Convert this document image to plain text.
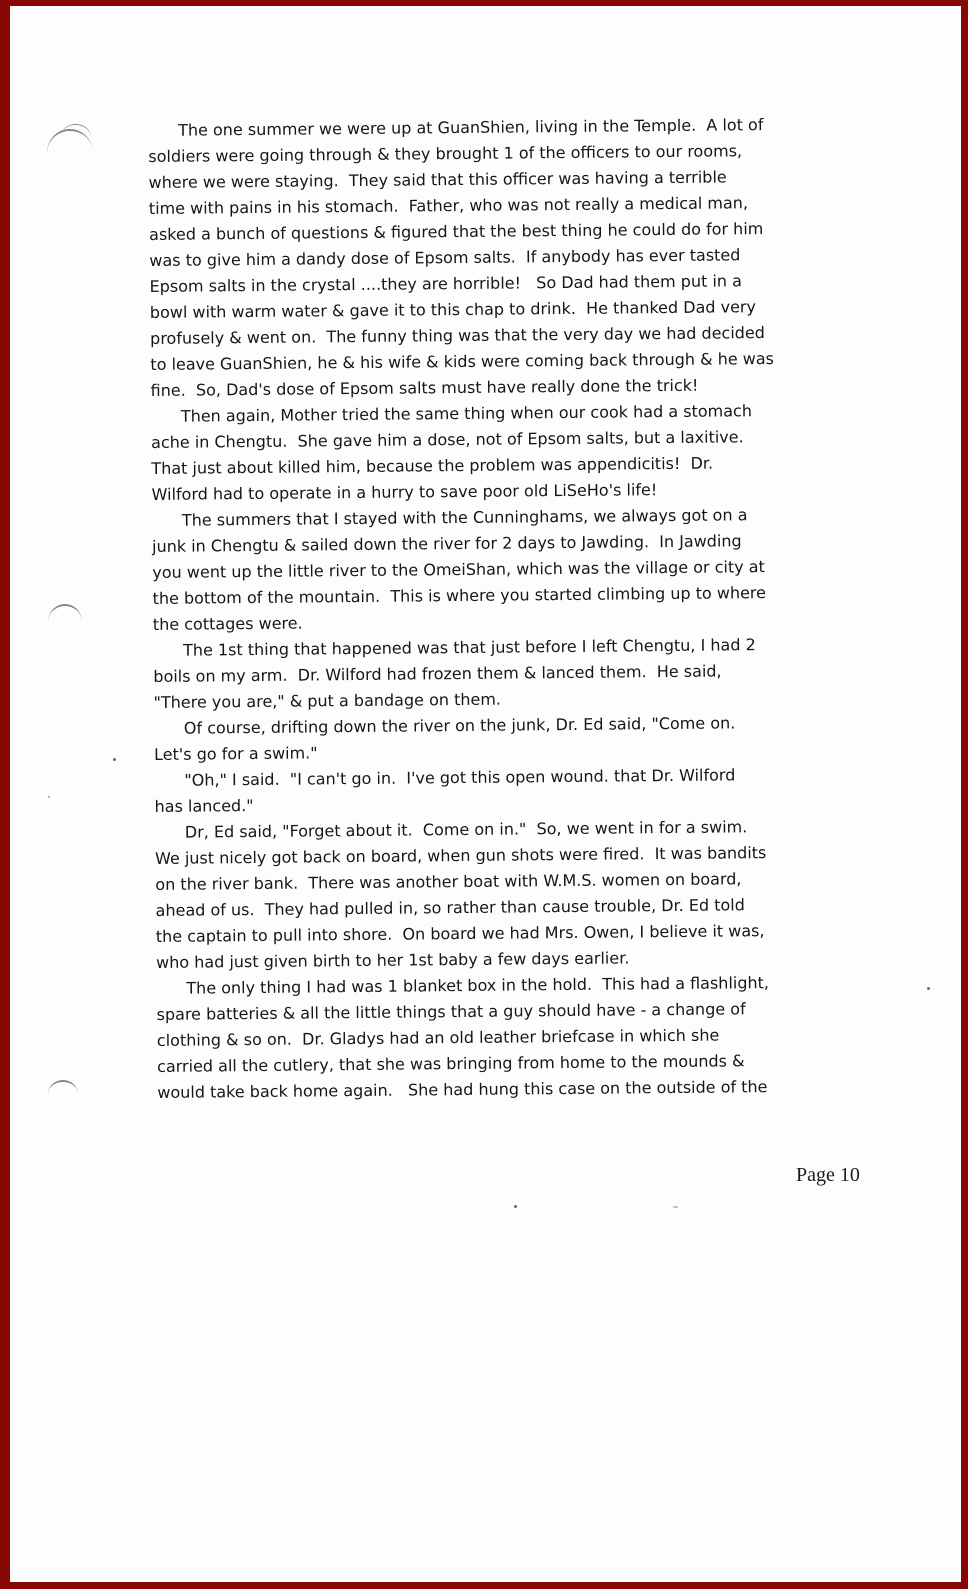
The one summer we were up at GuanShien, living in the Temple.  A lot of
soldiers were going through & they brought 1 of the officers to our rooms,
where we were staying.  They said that this officer was having a terrible
time with pains in his stomach.  Father, who was not really a medical man,
asked a bunch of questions & figured that the best thing he could do for him
was to give him a dandy dose of Epsom salts.  If anybody has ever tasted
Epsom salts in the crystal ....they are horrible!   So Dad had them put in a
bowl with warm water & gave it to this chap to drink.  He thanked Dad very
profusely & went on.  The funny thing was that the very day we had decided
to leave GuanShien, he & his wife & kids were coming back through & he was
fine.  So, Dad's dose of Epsom salts must have really done the trick!

Then again, Mother tried the same thing when our cook had a stomach
ache in Chengtu.  She gave him a dose, not of Epsom salts, but a laxitive.
That just about killed him, because the problem was appendicitis!  Dr.
Wilford had to operate in a hurry to save poor old LiSeHo's life!

The summers that I stayed with the Cunninghams, we always got on a
junk in Chengtu & sailed down the river for 2 days to Jawding.  In Jawding
you went up the little river to the OmeiShan, which was the village or city at
the bottom of the mountain.  This is where you started climbing up to where
the cottages were.

The 1st thing that happened was that just before I left Chengtu, I had 2
boils on my arm.  Dr. Wilford had frozen them & lanced them.  He said,
"There you are," & put a bandage on them.

Of course, drifting down the river on the junk, Dr. Ed said, "Come on.
Let's go for a swim."

"Oh," I said.  "I can't go in.  I've got this open wound. that Dr. Wilford
has lanced."

Dr, Ed said, "Forget about it.  Come on in."  So, we went in for a swim.
We just nicely got back on board, when gun shots were fired.  It was bandits
on the river bank.  There was another boat with W.M.S. women on board,
ahead of us.  They had pulled in, so rather than cause trouble, Dr. Ed told
the captain to pull into shore.  On board we had Mrs. Owen, I believe it was,
who had just given birth to her 1st baby a few days earlier.

The only thing I had was 1 blanket box in the hold.  This had a flashlight,
spare batteries & all the little things that a guy should have - a change of
clothing & so on.  Dr. Gladys had an old leather briefcase in which she
carried all the cutlery, that she was bringing from home to the mounds &
would take back home again.   She had hung this case on the outside of the

Page 10
